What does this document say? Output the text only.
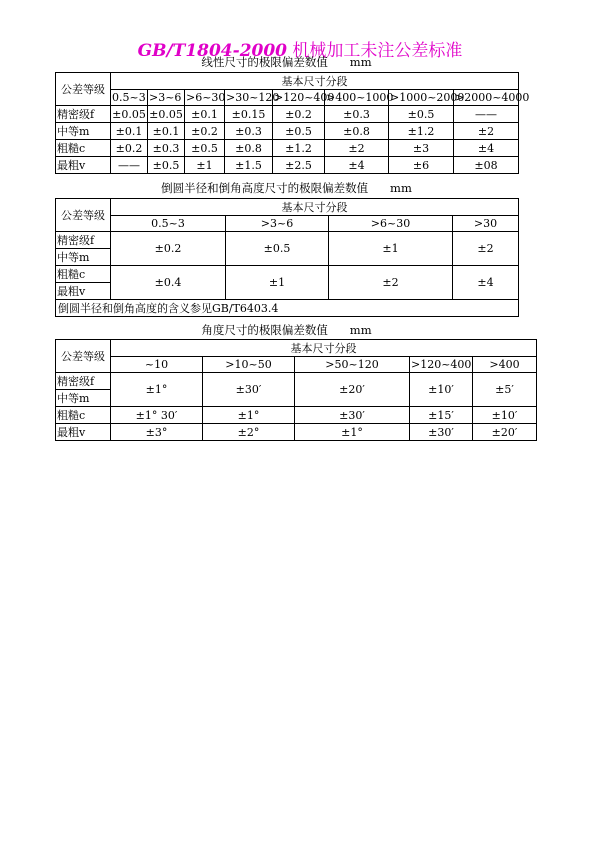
GB/T1804-2000 机械加工未注公差标准
线性尺寸的极限偏差数值      mm
公差等级	基本尺寸分段							
	0.5~3	>3~6	>6~30	>30~120	>120~400	>400~1000	>1000~2000	>2000~4000
精密级f	±0.05	±0.05	±0.1	±0.15	±0.2	±0.3	±0.5	——
中等m	±0.1	±0.1	±0.2	±0.3	±0.5	±0.8	±1.2	±2
粗糙c	±0.2	±0.3	±0.5	±0.8	±1.2	±2	±3	±4
最粗v	——	±0.5	±1	±1.5	±2.5	±4	±6	±08
倒圆半径和倒角高度尺寸的极限偏差数值      mm
公差等级	基本尺寸分段			
	0.5~3	>3~6	>6~30	>30
精密级f	±0.2	±0.5	±1	±2
中等m				
粗糙c	±0.4	±1	±2	±4
最粗v				
倒圆半径和倒角高度的含义参见GB/T6403.4				
角度尺寸的极限偏差数值      mm
公差等级	基本尺寸分段				
	~10	>10~50	>50~120	>120~400	>400
精密级f	±1°	±30′	±20′	±10′	±5′
中等m					
粗糙c	±1° 30′	±1°	±30′	±15′	±10′
最粗v	±3°	±2°	±1°	±30′	±20′
